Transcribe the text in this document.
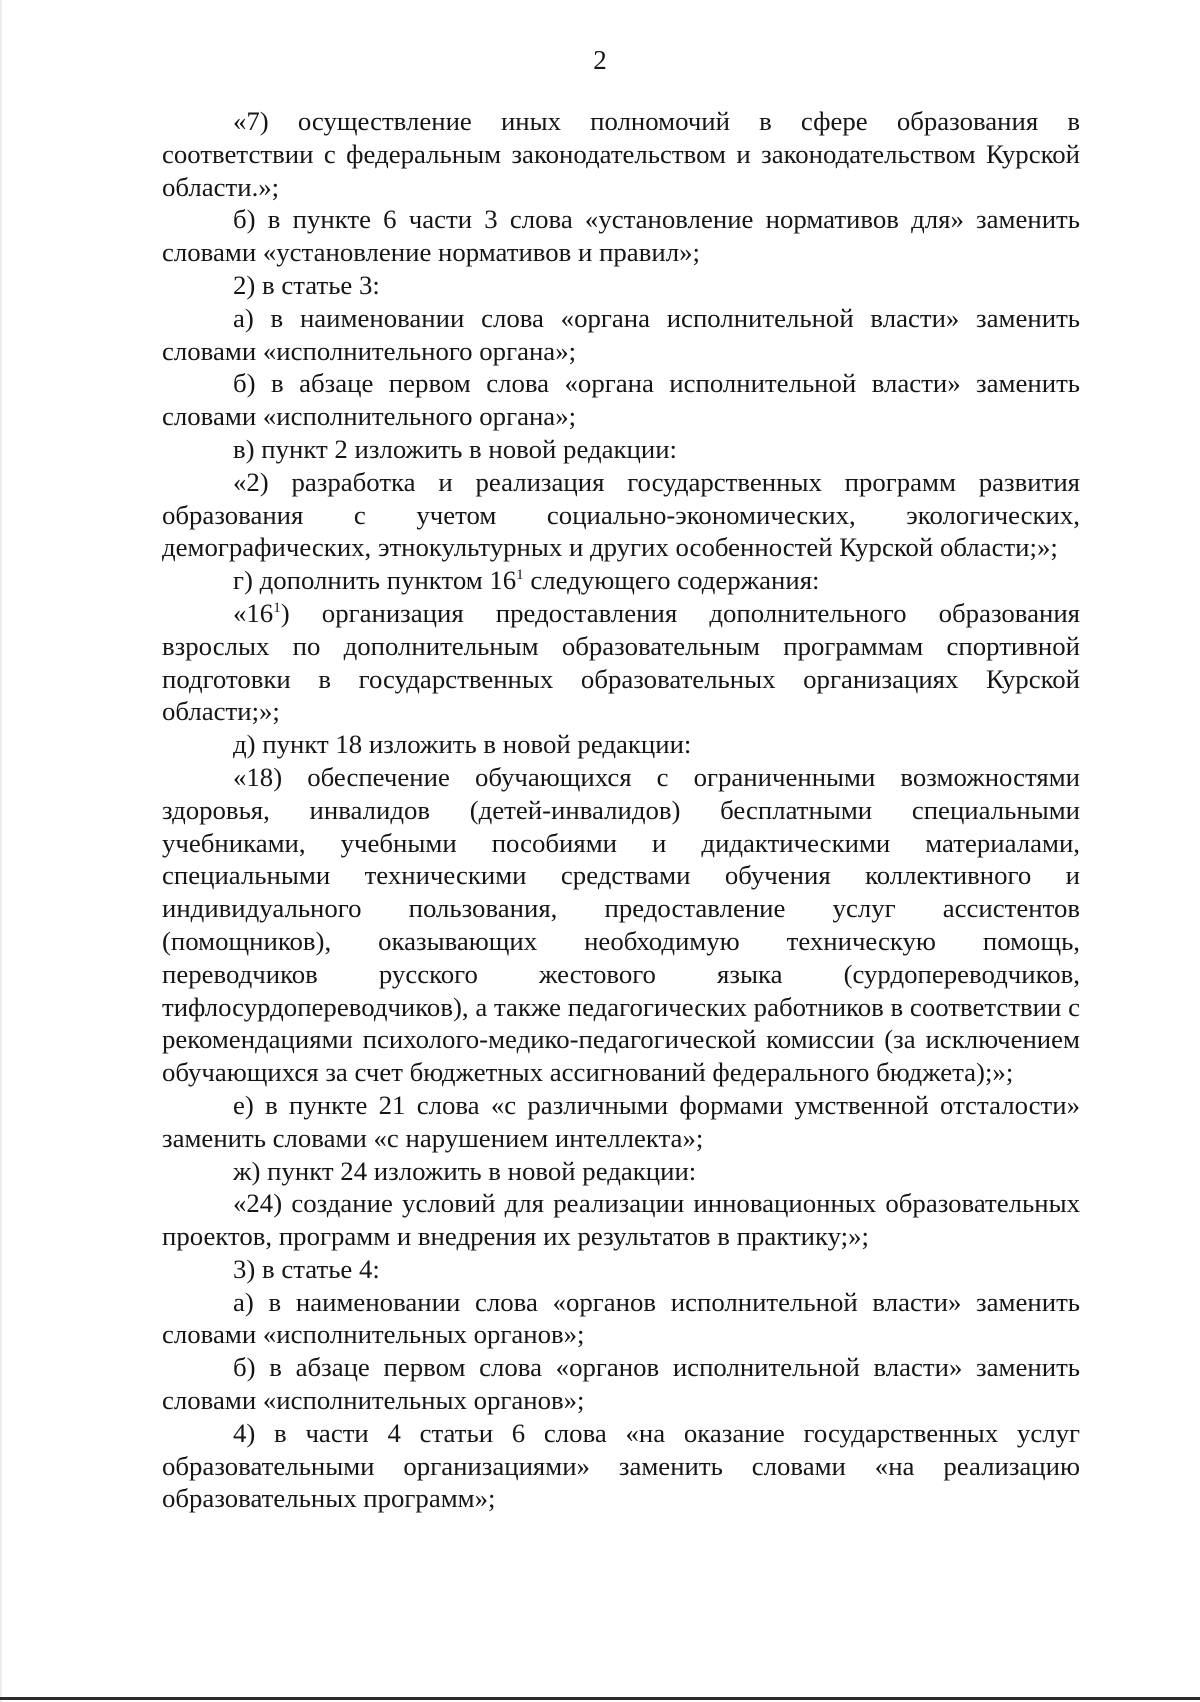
2

«7) осуществление иных полномочий в сфере образования в соответствии с федеральным законодательством и законодательством Курской области.»;

б) в пункте 6 части 3 слова «установление нормативов для» заменить словами «установление нормативов и правил»;

2) в статье 3:

а) в наименовании слова «органа исполнительной власти» заменить словами «исполнительного органа»;

б) в абзаце первом слова «органа исполнительной власти» заменить словами «исполнительного органа»;

в) пункт 2 изложить в новой редакции:

«2) разработка и реализация государственных программ развития образования с учетом социально-экономических, экологических, демографических, этнокультурных и других особенностей Курской области;»;

г) дополнить пунктом $16^1$ следующего содержания:

«$16^1$) организация предоставления дополнительного образования взрослых по дополнительным образовательным программам спортивной подготовки в государственных образовательных организациях Курской области;»;

д) пункт 18 изложить в новой редакции:

«18) обеспечение обучающихся с ограниченными возможностями здоровья, инвалидов (детей-инвалидов) бесплатными специальными учебниками, учебными пособиями и дидактическими материалами, специальными техническими средствами обучения коллективного и индивидуального пользования, предоставление услуг ассистентов (помощников), оказывающих необходимую техническую помощь, переводчиков русского жестового языка (сурдопереводчиков, тифлосурдопереводчиков), а также педагогических работников в соответствии с рекомендациями психолого-медико-педагогической комиссии (за исключением обучающихся за счет бюджетных ассигнований федерального бюджета);»;

е) в пункте 21 слова «с различными формами умственной отсталости» заменить словами «с нарушением интеллекта»;

ж) пункт 24 изложить в новой редакции:

«24) создание условий для реализации инновационных образовательных проектов, программ и внедрения их результатов в практику;»;

3) в статье 4:

а) в наименовании слова «органов исполнительной власти» заменить словами «исполнительных органов»;

б) в абзаце первом слова «органов исполнительной власти» заменить словами «исполнительных органов»;

4) в части 4 статьи 6 слова «на оказание государственных услуг образовательными организациями» заменить словами «на реализацию образовательных программ»;
